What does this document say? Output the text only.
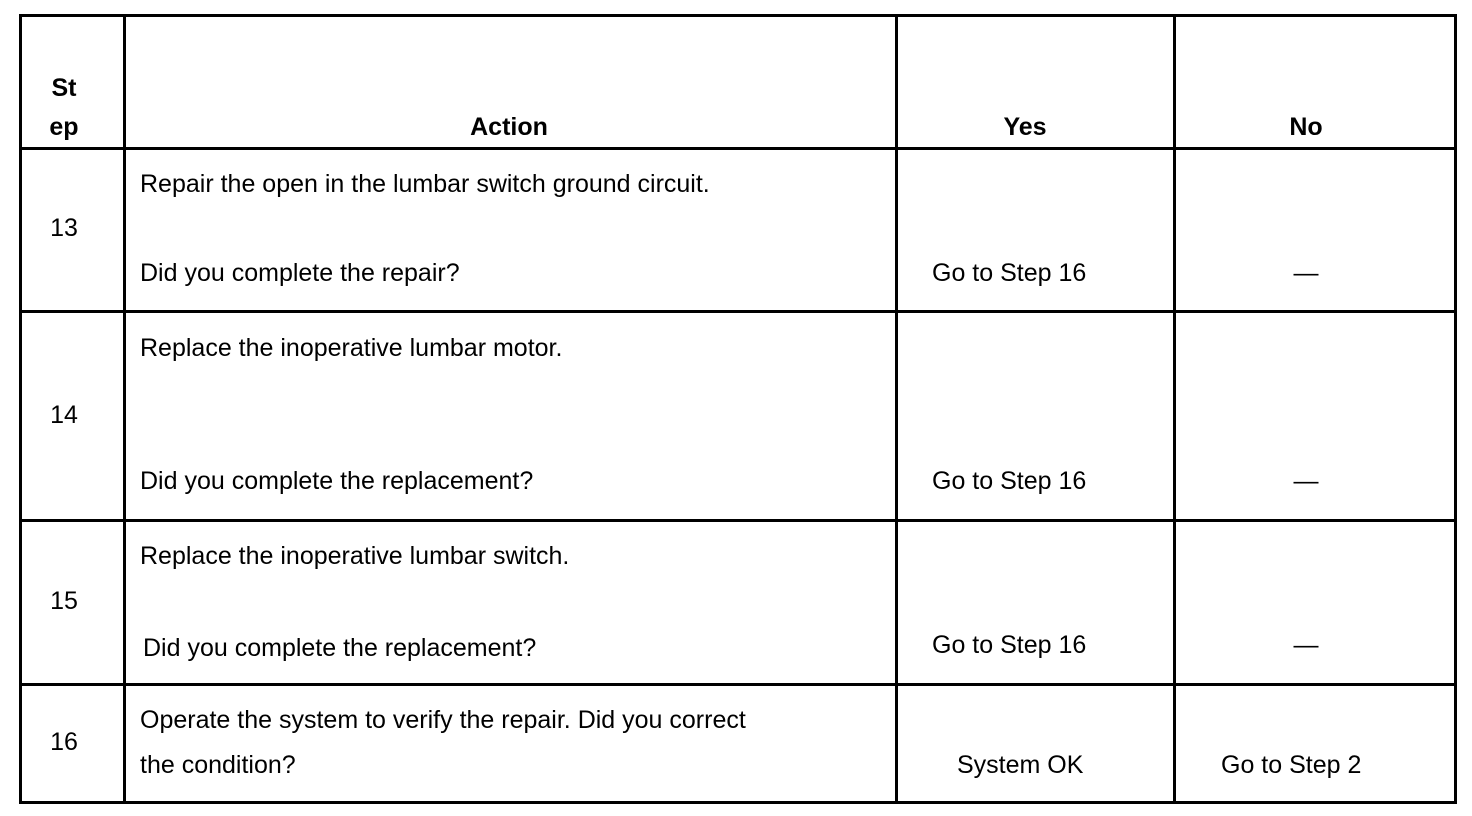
St
ep	Action	Yes	No
13
Repair the open in the lumbar switch ground circuit.
Did you complete the repair?	Go to Step 16	—
14
Replace the inoperative lumbar motor.
Did you complete the replacement?	Go to Step 16	—
15
Replace the inoperative lumbar switch.
Did you complete the replacement?	Go to Step 16	—
16
Operate the system to verify the repair. Did you correct
the condition?	System OK	Go to Step 2
